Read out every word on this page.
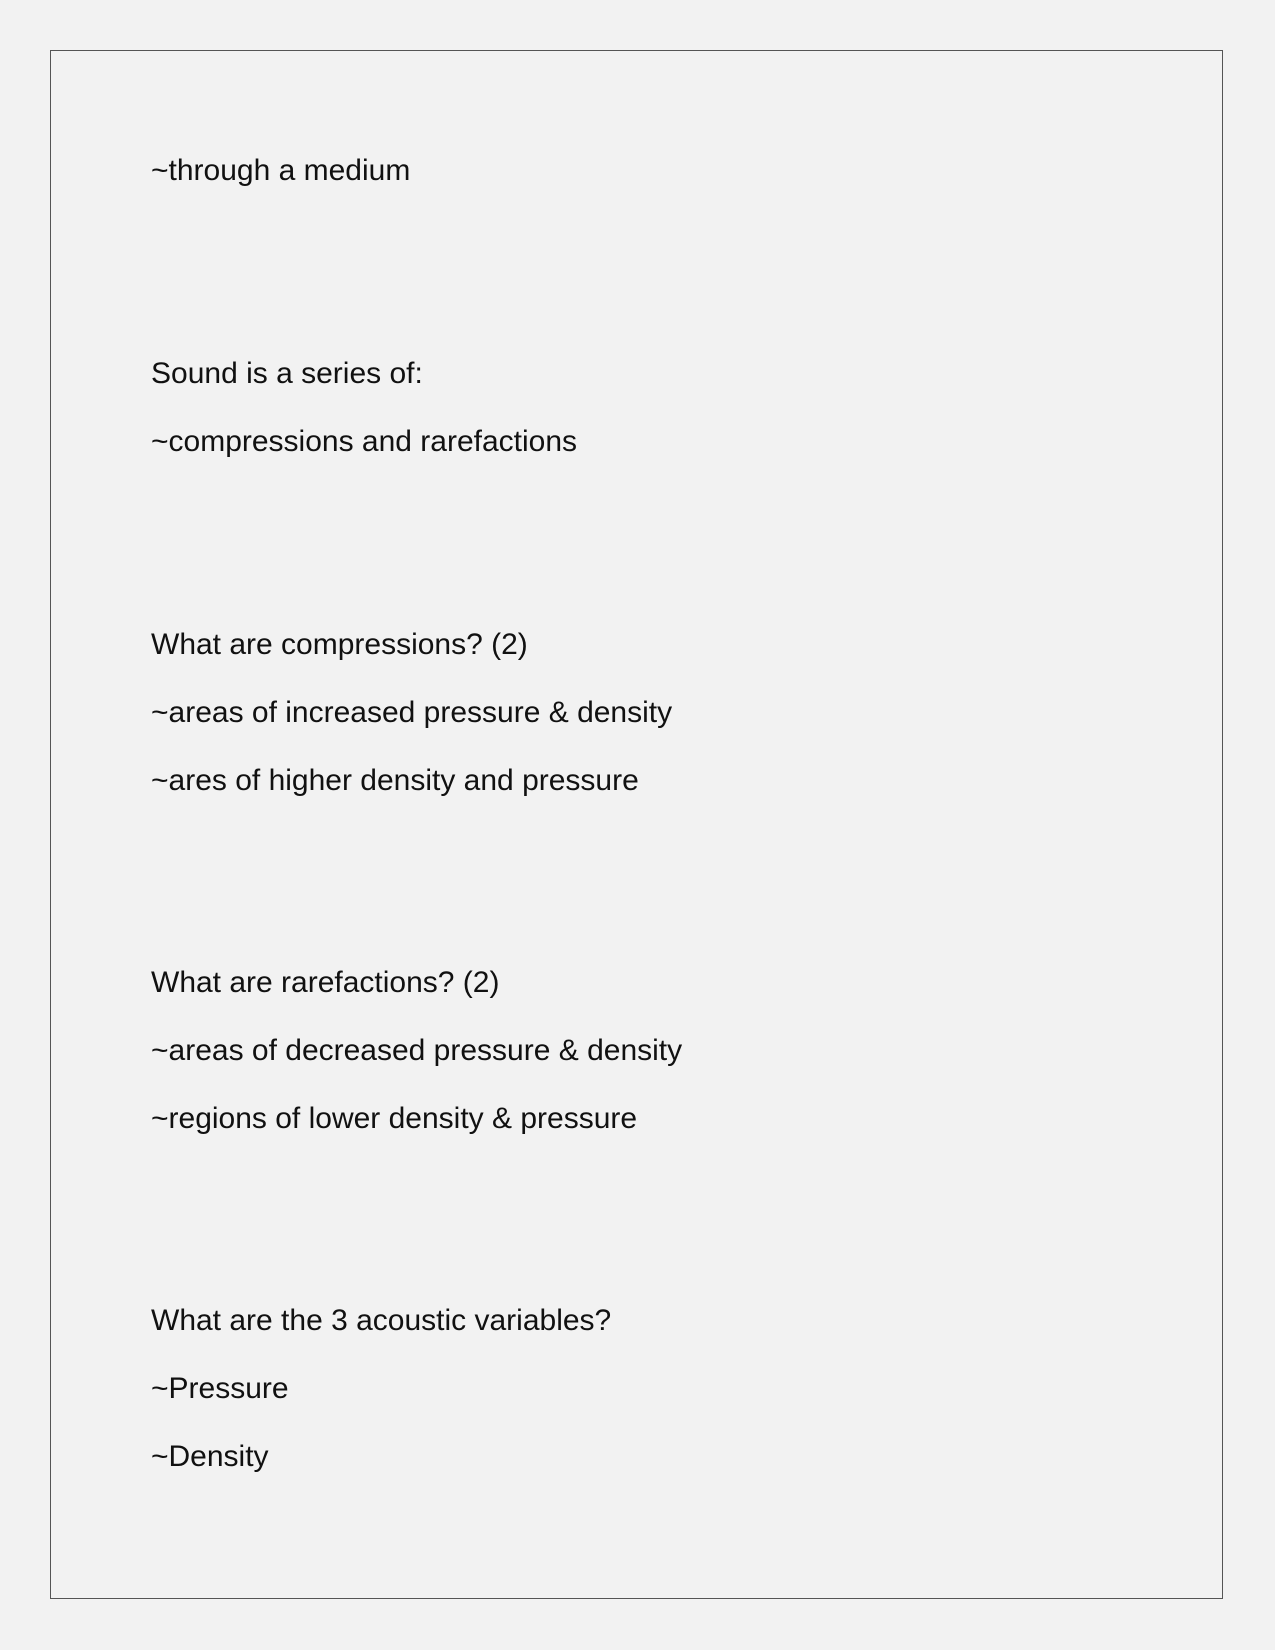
~through a medium

Sound is a series of:

~compressions and rarefactions

What are compressions? (2)

~areas of increased pressure & density

~ares of higher density and pressure

What are rarefactions? (2)

~areas of decreased pressure & density

~regions of lower density & pressure

What are the 3 acoustic variables?

~Pressure

~Density
